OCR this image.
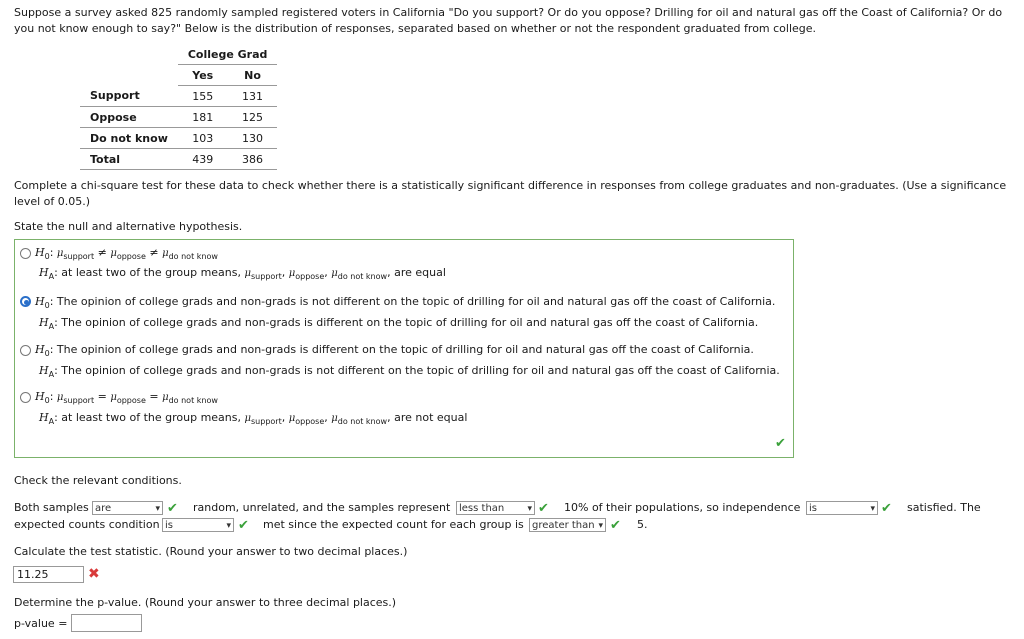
Suppose a survey asked 825 randomly sampled registered voters in California "Do you support? Or do you oppose? Drilling for oil and natural gas off the Coast of California? Or do you not know enough to say?" Below is the distribution of responses, separated based on whether or not the respondent graduated from college.
	College Grad	
	Yes	No
Support	155	131
Oppose	181	125
Do not know	103	130
Total	439	386
Complete a chi-square test for these data to check whether there is a statistically significant difference in responses from college graduates and non-graduates. (Use a significance level of 0.05.)
State the null and alternative hypothesis.
$H_0$: $\mu_{support} \ne \mu_{oppose} \ne \mu_{do not know}$
$H_A$: at least two of the group means, $\mu_{support}$, $\mu_{oppose}$, $\mu_{do not know}$, are equal
$H_0$: The opinion of college grads and non-grads is not different on the topic of drilling for oil and natural gas off the coast of California.
$H_A$: The opinion of college grads and non-grads is different on the topic of drilling for oil and natural gas off the coast of California.
$H_0$: The opinion of college grads and non-grads is different on the topic of drilling for oil and natural gas off the coast of California.
$H_A$: The opinion of college grads and non-grads is not different on the topic of drilling for oil and natural gas off the coast of California.
$H_0$: $\mu_{support} = \mu_{oppose} = \mu_{do not know}$
$H_A$: at least two of the group means, $\mu_{support}$, $\mu_{oppose}$, $\mu_{do not know}$, are not equal
✔
Check the relevant conditions.
Both samples are	▾ ✔ random, unrelated, and the samples represent less than	▾ ✔ 10% of their populations, so independence is	▾ ✔ satisfied. The
expected counts condition is	▾ ✔ met since the expected count for each group is greater than ▾ ✔ 5.
Calculate the test statistic. (Round your answer to two decimal places.)
11.25	✖
Determine the p-value. (Round your answer to three decimal places.)
p-value =
